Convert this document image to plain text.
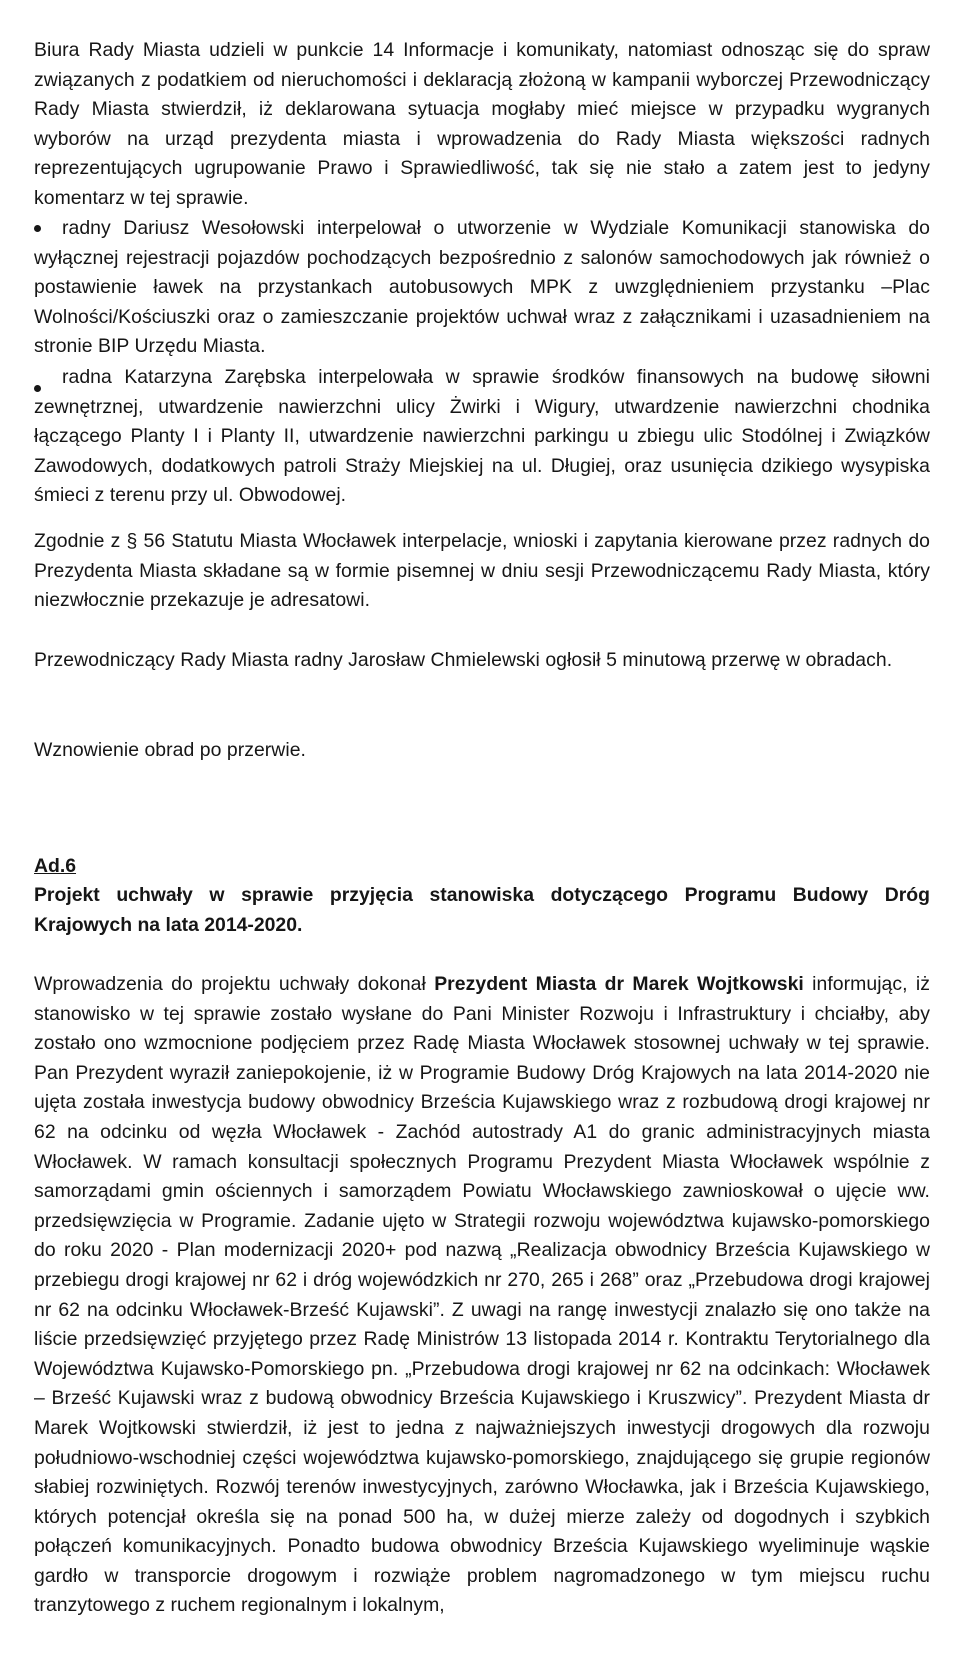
Biura Rady Miasta udzieli w punkcie 14 Informacje i komunikaty, natomiast odnosząc się do spraw związanych z podatkiem od nieruchomości i deklaracją złożoną w kampanii wyborczej Przewodniczący Rady Miasta stwierdził, iż deklarowana sytuacja mogłaby mieć miejsce w przypadku wygranych wyborów na urząd prezydenta miasta i wprowadzenia do Rady Miasta większości radnych reprezentujących ugrupowanie Prawo i Sprawiedliwość, tak się nie stało a zatem jest to jedyny komentarz w tej sprawie.

radny Dariusz Wesołowski interpelował o utworzenie w Wydziale Komunikacji stanowiska do wyłącznej rejestracji pojazdów pochodzących bezpośrednio z salonów samochodowych jak również o postawienie ławek na przystankach autobusowych MPK z uwzględnieniem przystanku –Plac Wolności/Kościuszki oraz o zamieszczanie projektów uchwał wraz z załącznikami i uzasadnieniem na stronie BIP Urzędu Miasta.

radna Katarzyna Zarębska interpelowała w sprawie środków finansowych na budowę siłowni zewnętrznej, utwardzenie nawierzchni ulicy Żwirki i Wigury, utwardzenie nawierzchni chodnika łączącego Planty I i Planty II, utwardzenie nawierzchni parkingu u zbiegu ulic Stodólnej i Związków Zawodowych, dodatkowych patroli Straży Miejskiej na ul. Długiej, oraz usunięcia dzikiego wysypiska śmieci z terenu przy ul. Obwodowej.

Zgodnie z § 56 Statutu Miasta Włocławek interpelacje, wnioski i zapytania kierowane przez radnych do Prezydenta Miasta składane są w formie pisemnej w dniu sesji Przewodniczącemu Rady Miasta, który niezwłocznie przekazuje je adresatowi.

Przewodniczący Rady Miasta radny Jarosław Chmielewski ogłosił 5 minutową przerwę w obradach.

Wznowienie obrad po przerwie.

Ad.6

Projekt uchwały w sprawie przyjęcia stanowiska dotyczącego Programu Budowy Dróg Krajowych na lata 2014-2020.

Wprowadzenia do projektu uchwały dokonał Prezydent Miasta dr Marek Wojtkowski informując, iż stanowisko w tej sprawie zostało wysłane do Pani Minister Rozwoju i Infrastruktury i chciałby, aby zostało ono wzmocnione podjęciem przez Radę Miasta Włocławek stosownej uchwały w tej sprawie. Pan Prezydent wyraził zaniepokojenie, iż w Programie Budowy Dróg Krajowych na lata 2014-2020 nie ujęta została inwestycja budowy obwodnicy Brześcia Kujawskiego wraz z rozbudową drogi krajowej nr 62 na odcinku od węzła Włocławek - Zachód autostrady A1 do granic administracyjnych miasta Włocławek. W ramach konsultacji społecznych Programu Prezydent Miasta Włocławek wspólnie z samorządami gmin ościennych i samorządem Powiatu Włocławskiego zawnioskował o ujęcie ww. przedsięwzięcia w Programie. Zadanie ujęto w Strategii rozwoju województwa kujawsko-pomorskiego do roku 2020 - Plan modernizacji 2020+ pod nazwą „Realizacja obwodnicy Brześcia Kujawskiego w przebiegu drogi krajowej nr 62 i dróg wojewódzkich nr 270, 265 i 268” oraz „Przebudowa drogi krajowej nr 62 na odcinku Włocławek-Brześć Kujawski”. Z uwagi na rangę inwestycji znalazło się ono także na liście przedsięwzięć przyjętego przez Radę Ministrów 13 listopada 2014 r. Kontraktu Terytorialnego dla Województwa Kujawsko-Pomorskiego pn. „Przebudowa drogi krajowej nr 62 na odcinkach: Włocławek – Brześć Kujawski wraz z budową obwodnicy Brześcia Kujawskiego i Kruszwicy”. Prezydent Miasta dr Marek Wojtkowski stwierdził, iż jest to jedna z najważniejszych inwestycji drogowych dla rozwoju południowo-wschodniej części województwa kujawsko-pomorskiego, znajdującego się grupie regionów słabiej rozwiniętych. Rozwój terenów inwestycyjnych, zarówno Włocławka, jak i Brześcia Kujawskiego, których potencjał określa się na ponad 500 ha, w dużej mierze zależy od dogodnych i szybkich połączeń komunikacyjnych. Ponadto budowa obwodnicy Brześcia Kujawskiego wyeliminuje wąskie gardło w transporcie drogowym i rozwiąże problem nagromadzonego w tym miejscu ruchu tranzytowego z ruchem regionalnym i lokalnym,
